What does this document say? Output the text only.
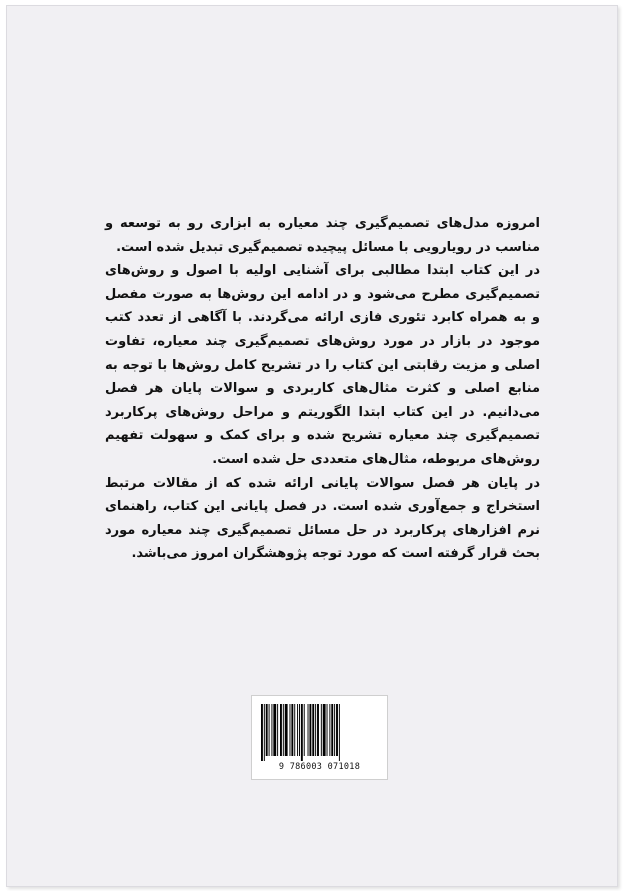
امروزه مدل‌های تصمیم‌گیری چند معیاره به ابزاری رو به توسعه و مناسب در رویارویی با مسائل پیچیده تصمیم‌گیری تبدیل شده است.

در این کتاب ابتدا مطالبی برای آشنایی اولیه با اصول و روش‌های تصمیم‌گیری مطرح می‌شود و در ادامه این روش‌ها به صورت مفصل و به همراه کابرد تئوری فازی ارائه می‌گردند. با آگاهی از تعدد کتب موجود در بازار در مورد روش‌های تصمیم‌گیری چند معیاره، تفاوت اصلی و مزیت رقابتی این کتاب را در تشریح کامل روش‌ها با توجه به منابع اصلی و کثرت مثال‌های کاربردی و سوالات پایان هر فصل می‌دانیم. در این کتاب ابتدا الگوریتم و مراحل روش‌های پرکاربرد تصمیم‌گیری چند معیاره تشریح شده و برای کمک و سهولت تفهیم روش‌های مربوطه، مثال‌های متعددی حل شده است.

در پایان هر فصل سوالات پایانی ارائه شده که از مقالات مرتبط استخراج و جمع‌آوری شده است. در فصل پایانی این کتاب، راهنمای نرم افزارهای پرکاربرد در حل مسائل تصمیم‌گیری چند معیاره مورد بحث قرار گرفته است که مورد توجه پژوهشگران امروز می‌باشد.

9 786003 071018
